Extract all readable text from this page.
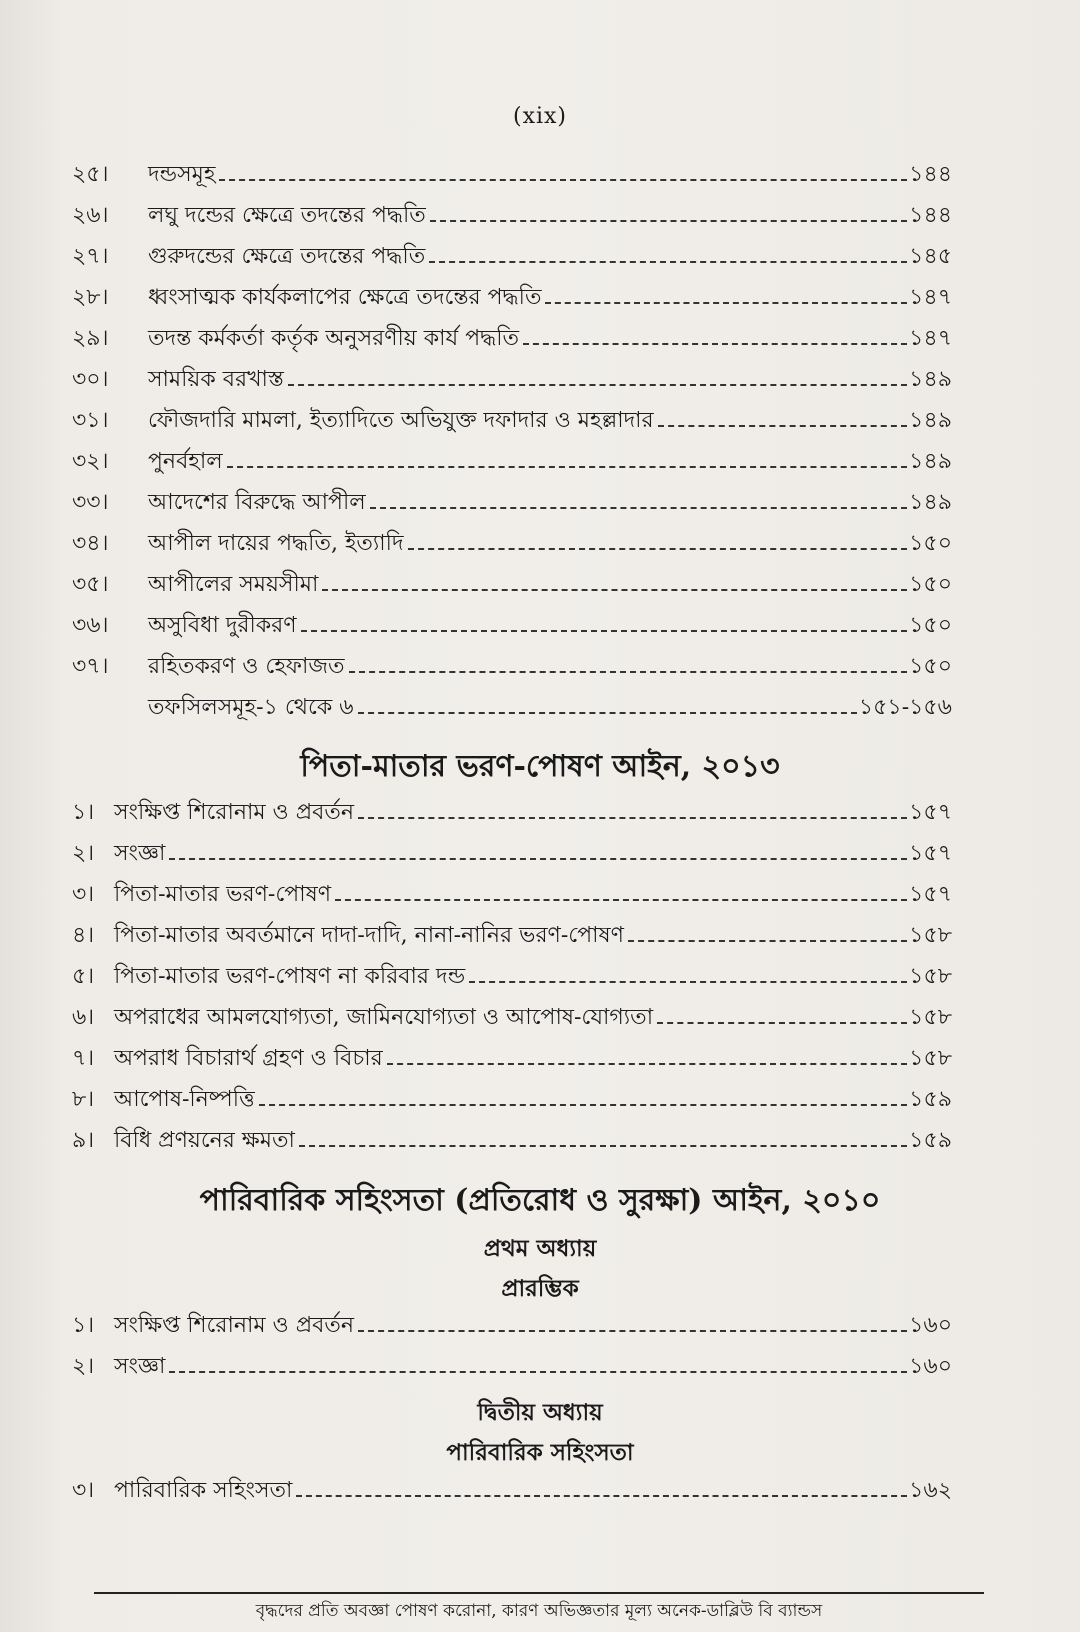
(xix)
২৫।	দন্ডসমূহ	১৪৪
২৬।	লঘু দন্ডের ক্ষেত্রে তদন্তের পদ্ধতি	১৪৪
২৭।	গুরুদন্ডের ক্ষেত্রে তদন্তের পদ্ধতি	১৪৫
২৮।	ধ্বংসাত্মক কার্যকলাপের ক্ষেত্রে তদন্তের পদ্ধতি	১৪৭
২৯।	তদন্ত কর্মকর্তা কর্তৃক অনুসরণীয় কার্য পদ্ধতি	১৪৭
৩০।	সাময়িক বরখাস্ত	১৪৯
৩১।	ফৌজদারি মামলা, ইত্যাদিতে অভিযুক্ত দফাদার ও মহল্লাদার	১৪৯
৩২।	পুনর্বহাল	১৪৯
৩৩।	আদেশের বিরুদ্ধে আপীল	১৪৯
৩৪।	আপীল দায়ের পদ্ধতি, ইত্যাদি	১৫০
৩৫।	আপীলের সময়সীমা	১৫০
৩৬।	অসুবিধা দুরীকরণ	১৫০
৩৭।	রহিতকরণ ও হেফাজত	১৫০
তফসিলসমূহ-১ থেকে ৬	১৫১-১৫৬
পিতা-মাতার ভরণ-পোষণ আইন, ২০১৩
১। সংক্ষিপ্ত শিরোনাম ও প্রবর্তন	১৫৭
২। সংজ্ঞা	১৫৭
৩। পিতা-মাতার ভরণ-পোষণ	১৫৭
৪। পিতা-মাতার অবর্তমানে দাদা-দাদি, নানা-নানির ভরণ-পোষণ	১৫৮
৫। পিতা-মাতার ভরণ-পোষণ না করিবার দন্ড	১৫৮
৬। অপরাধের আমলযোগ্যতা, জামিনযোগ্যতা ও আপোষ-যোগ্যতা	১৫৮
৭। অপরাধ বিচারার্থ গ্রহণ ও বিচার	১৫৮
৮। আপোষ-নিষ্পত্তি	১৫৯
৯। বিধি প্রণয়নের ক্ষমতা	১৫৯
পারিবারিক সহিংসতা (প্রতিরোধ ও সুরক্ষা) আইন, ২০১০
প্রথম অধ্যায়
প্রারম্ভিক
১। সংক্ষিপ্ত শিরোনাম ও প্রবর্তন	১৬০
২। সংজ্ঞা	১৬০
দ্বিতীয় অধ্যায়
পারিবারিক সহিংসতা
৩। পারিবারিক সহিংসতা	১৬২
বৃদ্ধদের প্রতি অবজ্ঞা পোষণ করোনা, কারণ অভিজ্ঞতার মূল্য অনেক-ডাব্লিউ বি ব্যান্ডস
